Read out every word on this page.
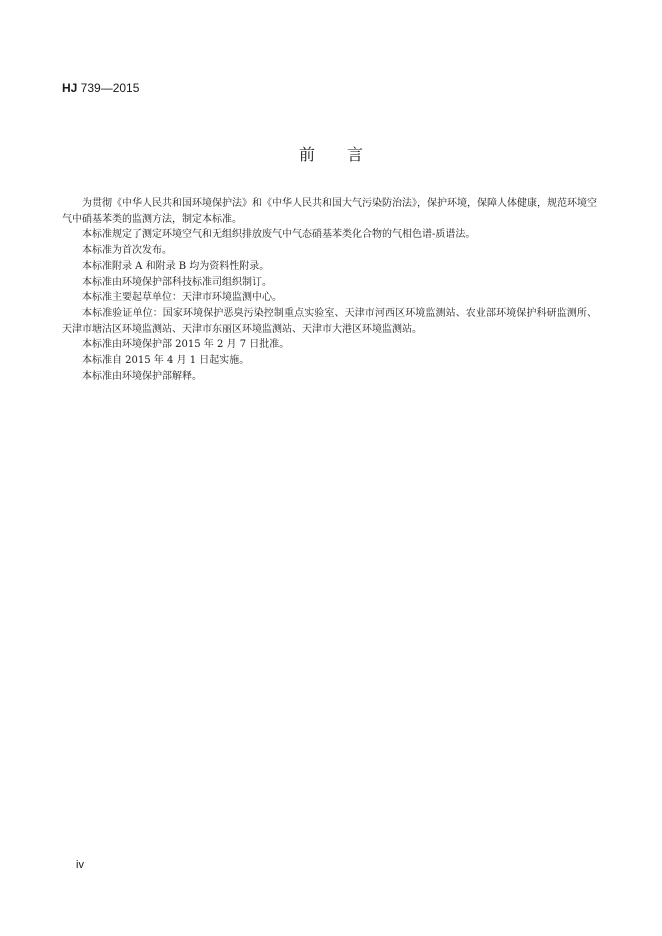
HJ 739—2015
前言

为贯彻《中华人民共和国环境保护法》和《中华人民共和国大气污染防治法》，保护环境，保障人体健康，规范环境空气中硝基苯类的监测方法，制定本标准。

本标准规定了测定环境空气和无组织排放废气中气态硝基苯类化合物的气相色谱-质谱法。

本标准为首次发布。

本标准附录 A 和附录 B 均为资料性附录。

本标准由环境保护部科技标准司组织制订。

本标准主要起草单位：天津市环境监测中心。

本标准验证单位：国家环境保护恶臭污染控制重点实验室、天津市河西区环境监测站、农业部环境保护科研监测所、天津市塘沽区环境监测站、天津市东丽区环境监测站、天津市大港区环境监测站。

本标准由环境保护部 2015 年 2 月 7 日批准。

本标准自 2015 年 4 月 1 日起实施。

本标准由环境保护部解释。

iv
